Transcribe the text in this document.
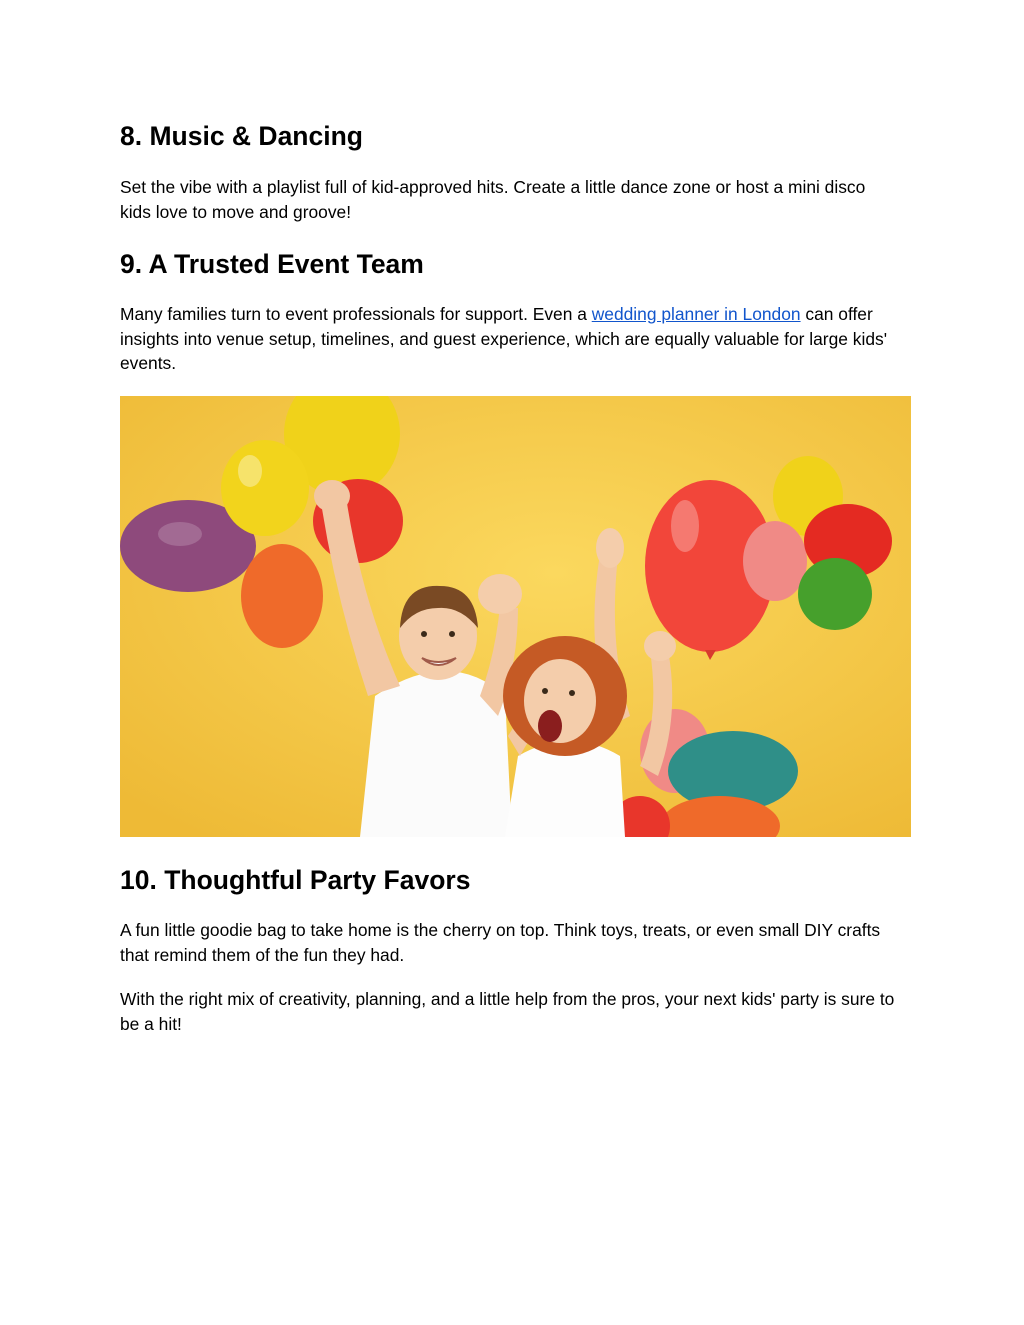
8. Music & Dancing

Set the vibe with a playlist full of kid-approved hits. Create a little dance zone or host a mini disco kids love to move and groove!

9. A Trusted Event Team

Many families turn to event professionals for support. Even a wedding planner in London can offer insights into venue setup, timelines, and guest experience, which are equally valuable for large kids' events.

10. Thoughtful Party Favors

A fun little goodie bag to take home is the cherry on top. Think toys, treats, or even small DIY crafts that remind them of the fun they had.

With the right mix of creativity, planning, and a little help from the pros, your next kids' party is sure to be a hit!
